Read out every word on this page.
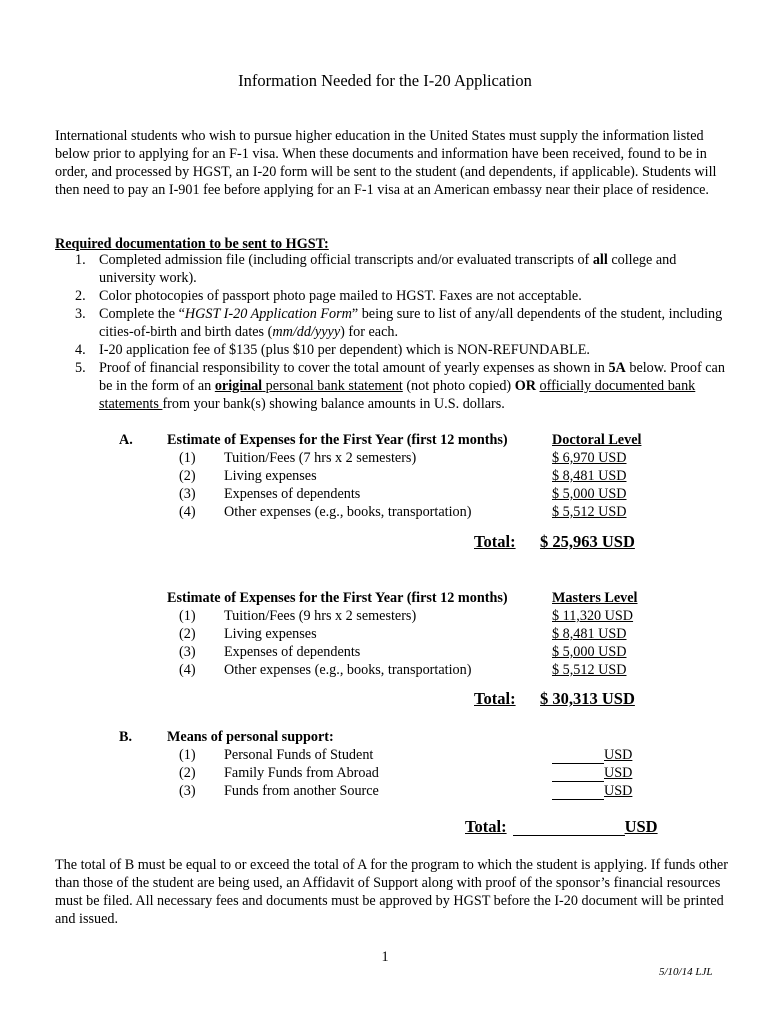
Information Needed for the I-20 Application
International students who wish to pursue higher education in the United States must supply the information listed below prior to applying for an F-1 visa. When these documents and information have been received, found to be in order, and processed by HGST, an I-20 form will be sent to the student (and dependents, if applicable). Students will then need to pay an I-901 fee before applying for an F-1 visa at an American embassy near their place of residence.
Required documentation to be sent to HGST:
1. Completed admission file (including official transcripts and/or evaluated transcripts of all college and university work).
2. Color photocopies of passport photo page mailed to HGST. Faxes are not acceptable.
3. Complete the “HGST I-20 Application Form” being sure to list of any/all dependents of the student, including cities-of-birth and birth dates (mm/dd/yyyy) for each.
4. I-20 application fee of $135 (plus $10 per dependent) which is NON-REFUNDABLE.
5. Proof of financial responsibility to cover the total amount of yearly expenses as shown in 5A below. Proof can be in the form of an original personal bank statement (not photo copied) OR officially documented bank statements from your bank(s) showing balance amounts in U.S. dollars.
A. Estimate of Expenses for the First Year (first 12 months)	Doctoral Level
(1) Tuition/Fees (7 hrs x 2 semesters)	$ 6,970 USD
(2) Living expenses	$ 8,481 USD
(3) Expenses of dependents	$ 5,000 USD
(4) Other expenses (e.g., books, transportation)	$ 5,512 USD
Total: $ 25,963 USD
Estimate of Expenses for the First Year (first 12 months)	Masters Level
(1) Tuition/Fees (9 hrs x 2 semesters)	$ 11,320 USD
(2) Living expenses	$ 8,481 USD
(3) Expenses of dependents	$ 5,000 USD
(4) Other expenses (e.g., books, transportation)	$ 5,512 USD
Total: $ 30,313 USD
B. Means of personal support:
(1) Personal Funds of Student	USD
(2) Family Funds from Abroad	USD
(3) Funds from another Source	USD
Total:	USD
The total of B must be equal to or exceed the total of A for the program to which the student is applying. If funds other than those of the student are being used, an Affidavit of Support along with proof of the sponsor’s financial resources must be filed. All necessary fees and documents must be approved by HGST before the I-20 document will be printed and issued.
1
5/10/14 LJL
